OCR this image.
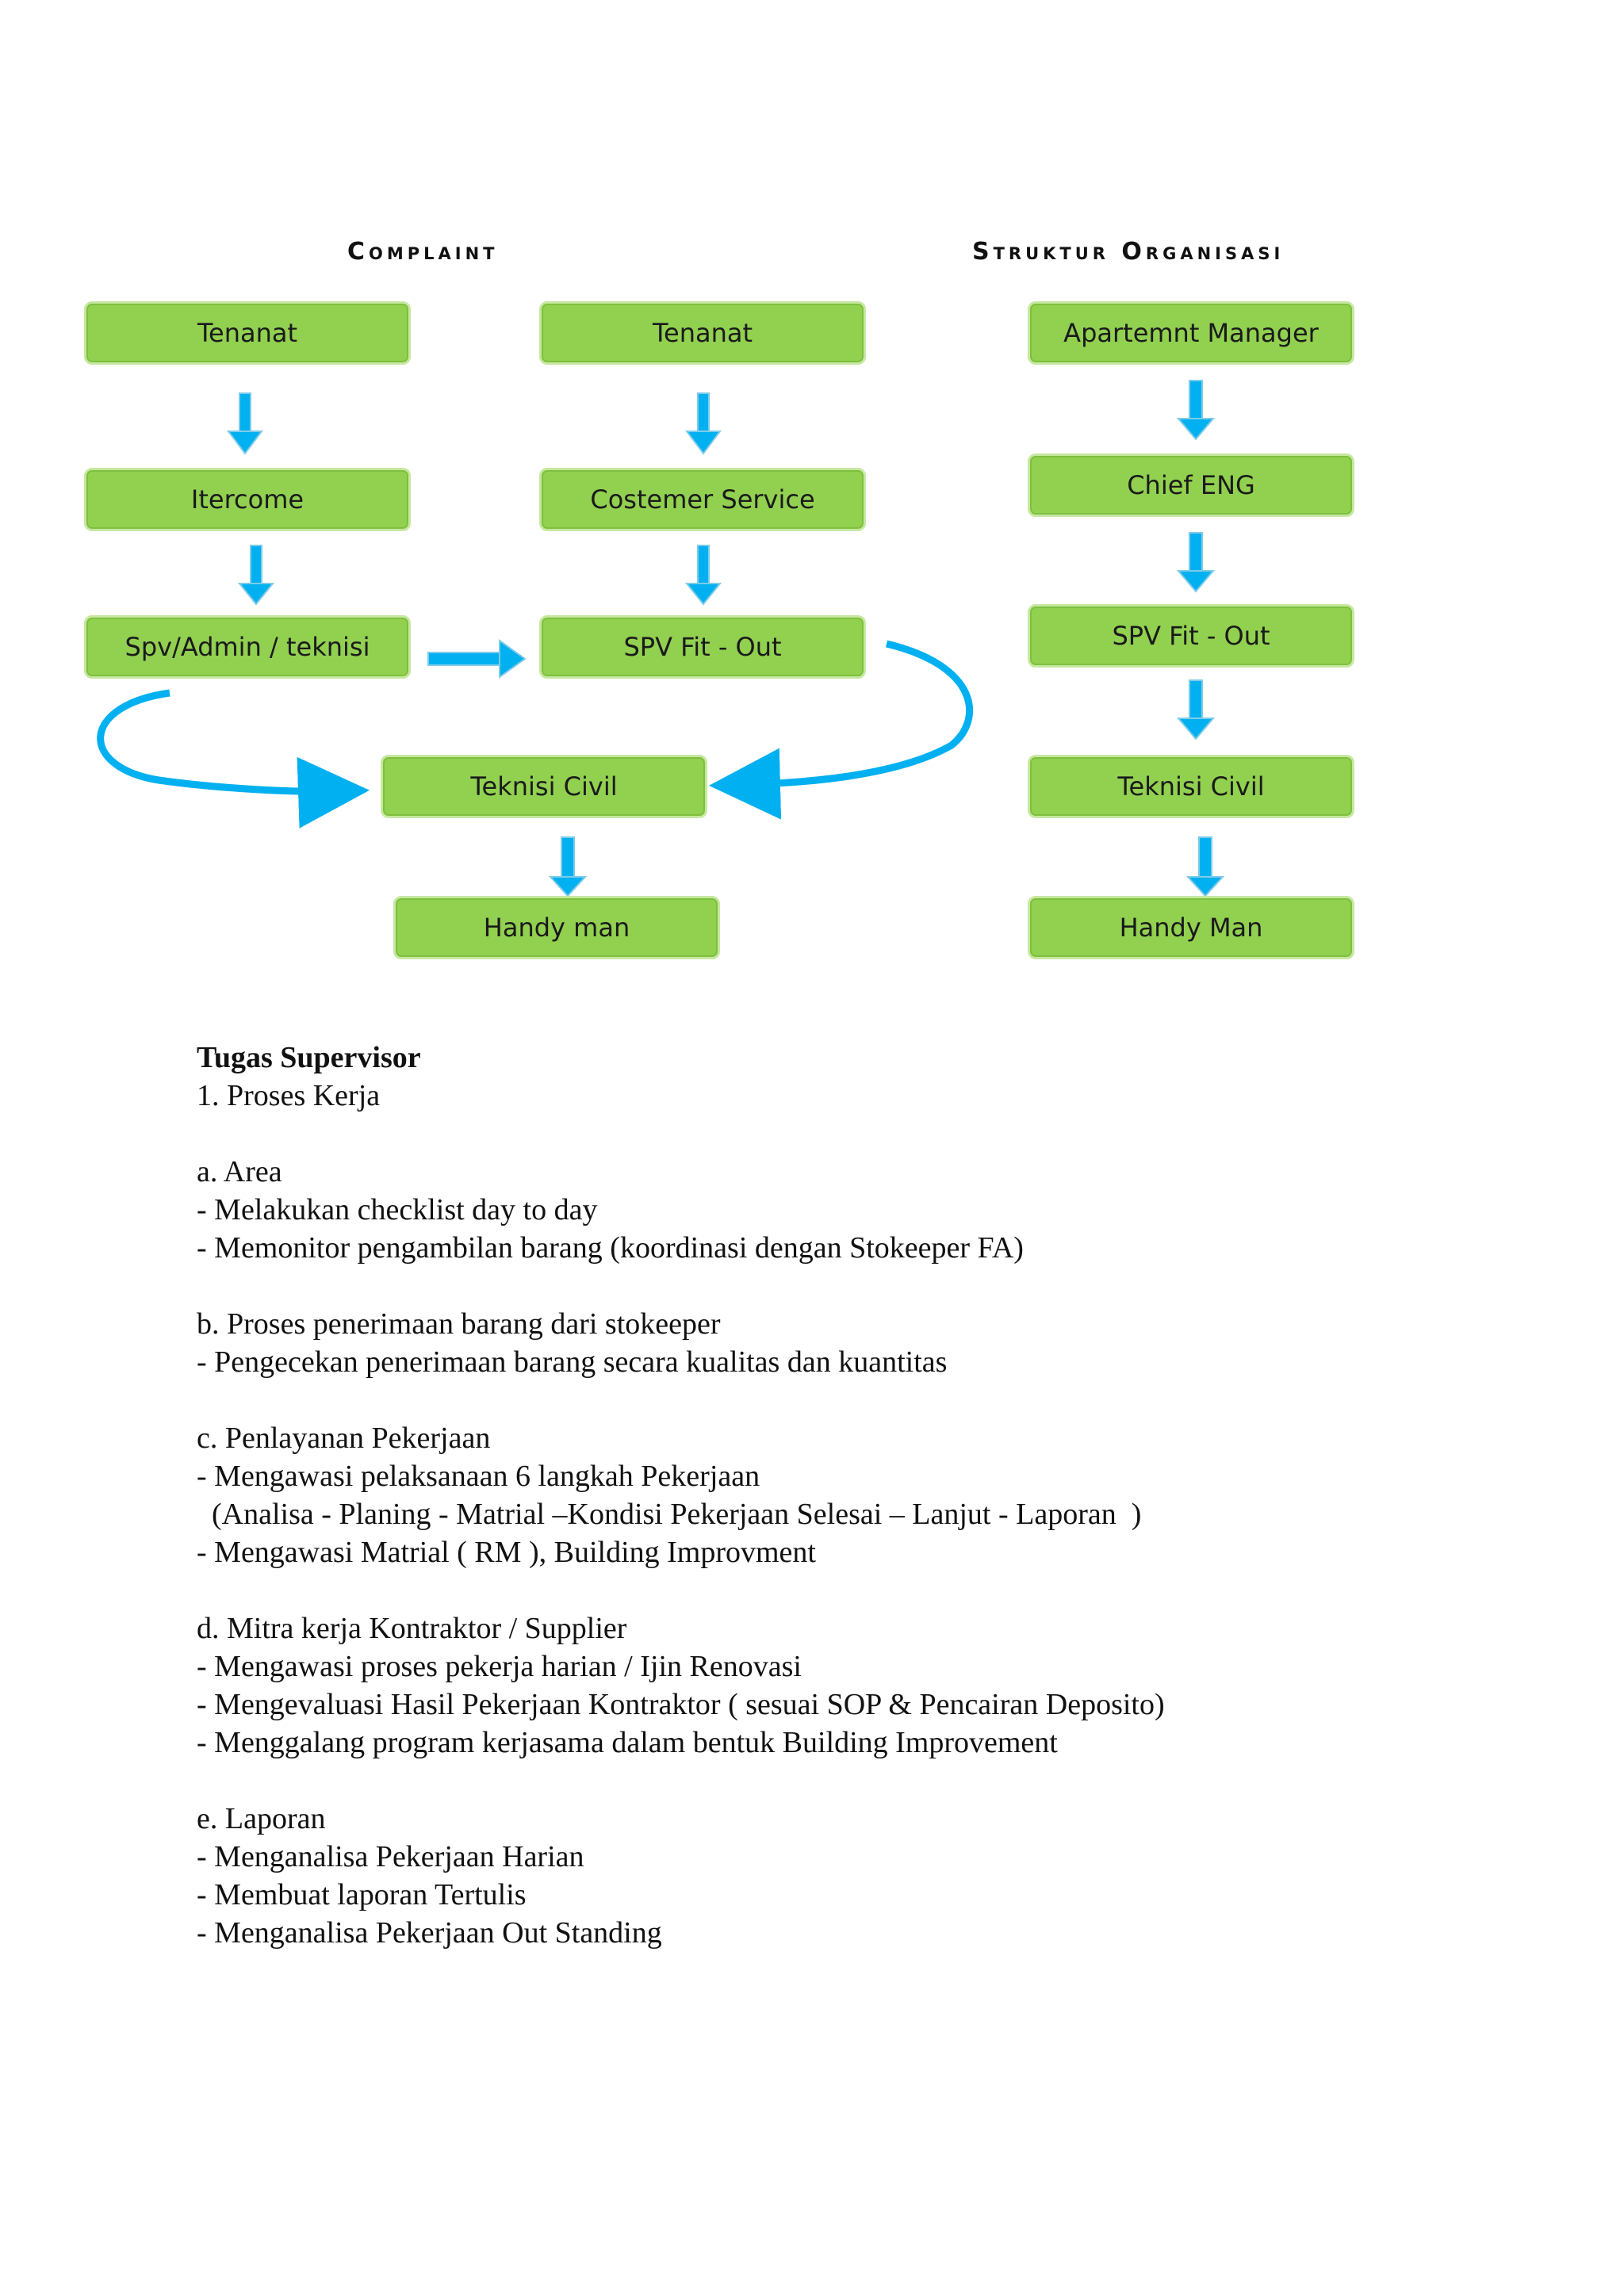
Complaint	Struktur Organisasi
Tenanat
Itercome
Spv/Admin / teknisi
Tenanat
Costemer Service
SPV Fit - Out
Teknisi Civil
Handy man
Apartemnt Manager
Chief ENG
SPV Fit - Out
Teknisi Civil
Handy Man

Tugas Supervisor

1. Proses Kerja

a. Area

- Melakukan checklist day to day

- Memonitor pengambilan barang (koordinasi dengan Stokeeper FA)

b. Proses penerimaan barang dari stokeeper

- Pengecekan penerimaan barang secara kualitas dan kuantitas

c. Penlayanan Pekerjaan

- Mengawasi pelaksanaan 6 langkah Pekerjaan

(Analisa - Planing - Matrial –Kondisi Pekerjaan Selesai – Lanjut - Laporan  )

- Mengawasi Matrial ( RM ), Building Improvment

d. Mitra kerja Kontraktor / Supplier

- Mengawasi proses pekerja harian / Ijin Renovasi

- Mengevaluasi Hasil Pekerjaan Kontraktor ( sesuai SOP & Pencairan Deposito)

- Menggalang program kerjasama dalam bentuk Building Improvement

e. Laporan

- Menganalisa Pekerjaan Harian

- Membuat laporan Tertulis

- Menganalisa Pekerjaan Out Standing
